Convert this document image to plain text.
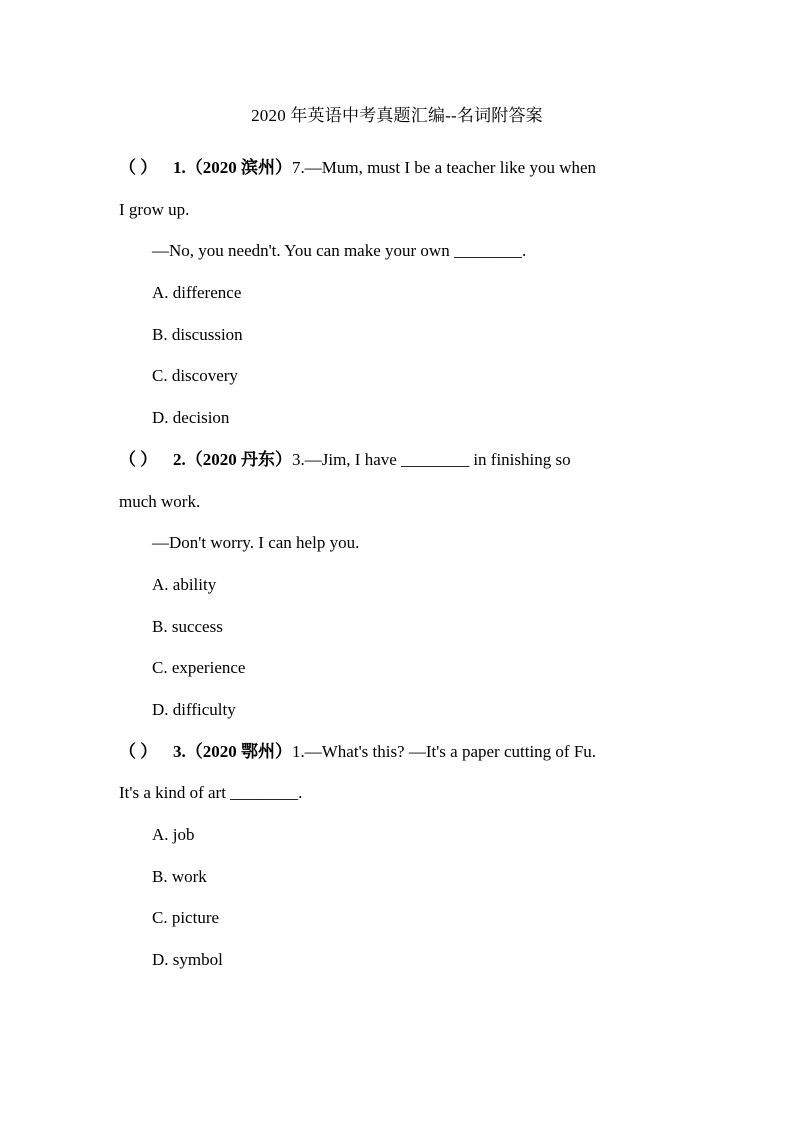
2020 年英语中考真题汇编--名词附答案
（ ） 1.（2020 滨州）7.—Mum, must I be a teacher like you when
I grow up.
—No, you needn't. You can make your own ________.
A. difference
B. discussion
C. discovery
D. decision
（ ） 2.（2020 丹东）3.—Jim, I have ________ in finishing so
much work.
—Don't worry. I can help you.
A. ability
B. success
C. experience
D. difficulty
（ ） 3.（2020 鄂州）1.—What's this? —It's a paper cutting of Fu.
It's a kind of art ________.
A. job
B. work
C. picture
D. symbol
